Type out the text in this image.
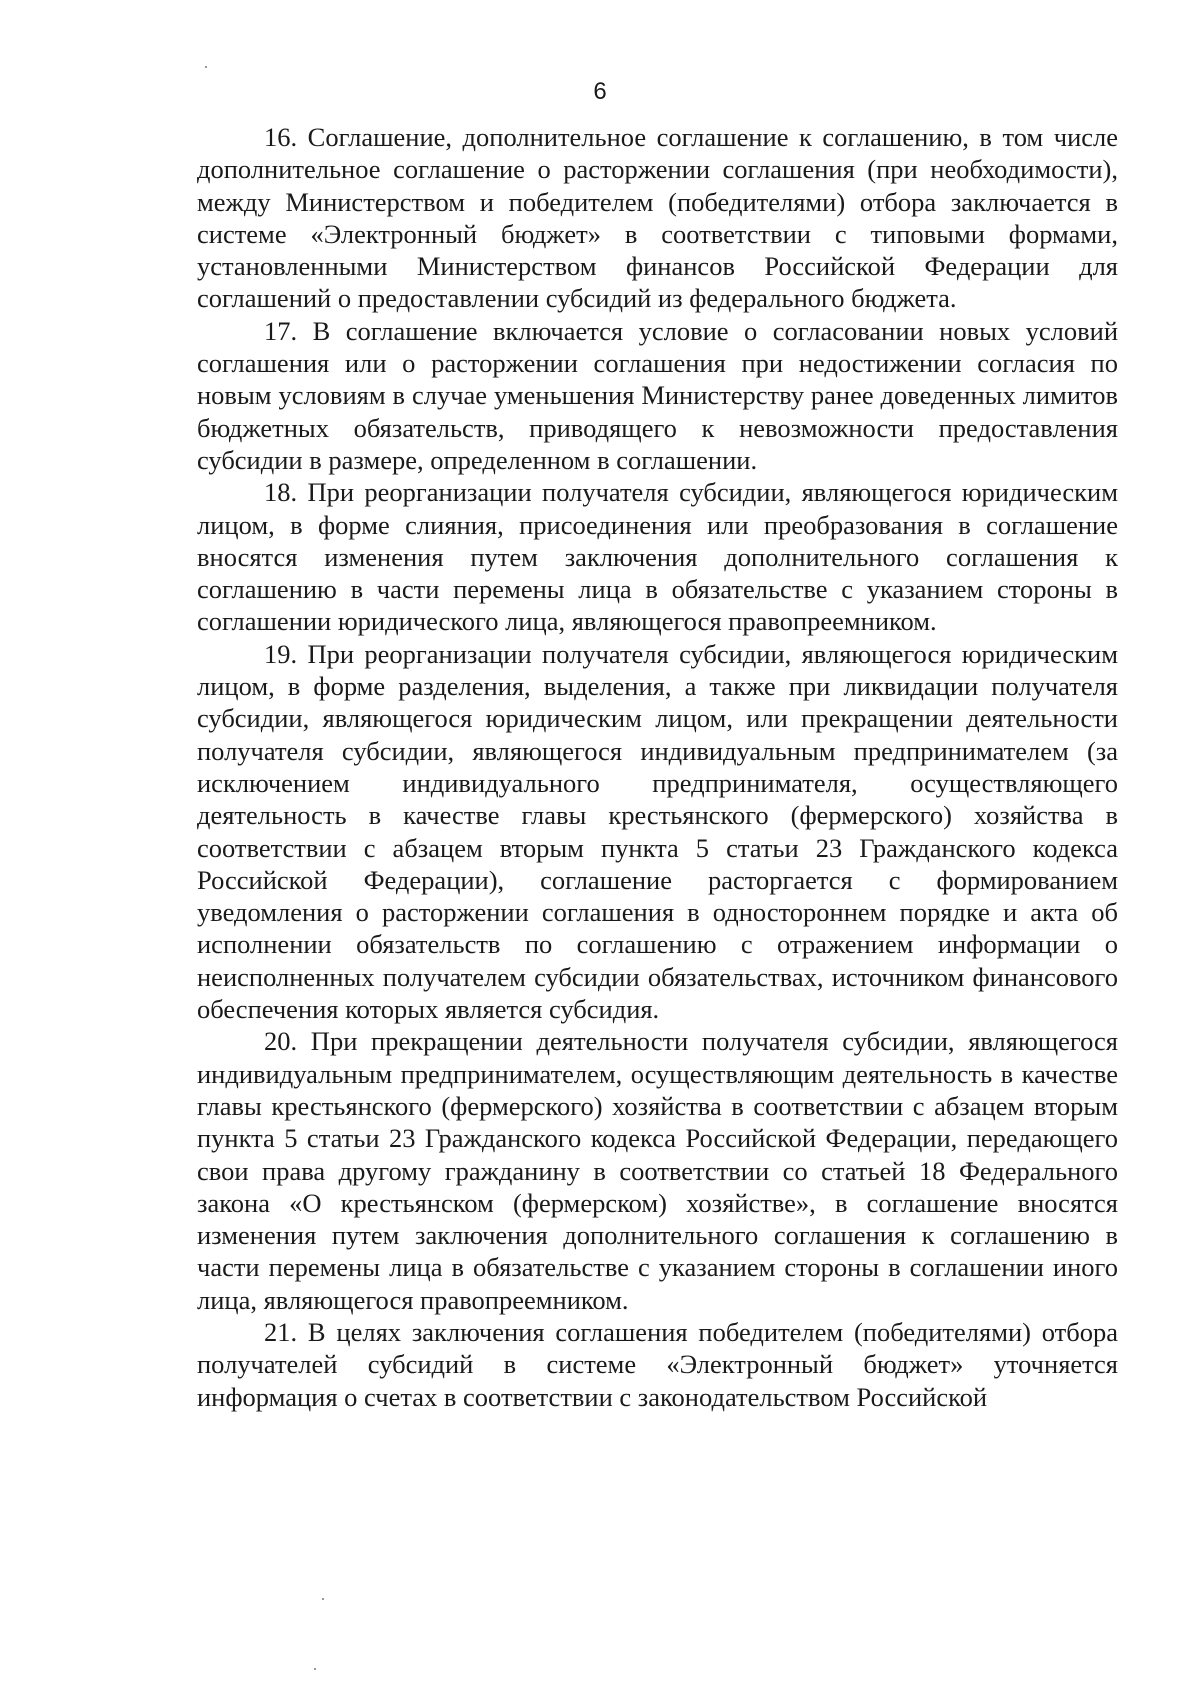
6

16. Соглашение, дополнительное соглашение к соглашению, в том числе дополнительное соглашение о расторжении соглашения (при необходимости), между Министерством и победителем (победителями) отбора заключается в системе «Электронный бюджет» в соответствии с типовыми формами, установленными Министерством финансов Российской Федерации для соглашений о предоставлении субсидий из федерального бюджета.

17. В соглашение включается условие о согласовании новых условий соглашения или о расторжении соглашения при недостижении согласия по новым условиям в случае уменьшения Министерству ранее доведенных лимитов бюджетных обязательств, приводящего к невозможности предоставления субсидии в размере, определенном в соглашении.

18. При реорганизации получателя субсидии, являющегося юридическим лицом, в форме слияния, присоединения или преобразования в соглашение вносятся изменения путем заключения дополнительного соглашения к соглашению в части перемены лица в обязательстве с указанием стороны в соглашении юридического лица, являющегося правопреемником.

19. При реорганизации получателя субсидии, являющегося юридическим лицом, в форме разделения, выделения, а также при ликвидации получателя субсидии, являющегося юридическим лицом, или прекращении деятельности получателя субсидии, являющегося индивидуальным предпринимателем (за исключением индивидуального предпринимателя, осуществляющего деятельность в качестве главы крестьянского (фермерского) хозяйства в соответствии с абзацем вторым пункта 5 статьи 23 Гражданского кодекса Российской Федерации), соглашение расторгается с формированием уведомления о расторжении соглашения в одностороннем порядке и акта об исполнении обязательств по соглашению с отражением информации о неисполненных получателем субсидии обязательствах, источником финансового обеспечения которых является субсидия.

20. При прекращении деятельности получателя субсидии, являющегося индивидуальным предпринимателем, осуществляющим деятельность в качестве главы крестьянского (фермерского) хозяйства в соответствии с абзацем вторым пункта 5 статьи 23 Гражданского кодекса Российской Федерации, передающего свои права другому гражданину в соответствии со статьей 18 Федерального закона «О крестьянском (фермерском) хозяйстве», в соглашение вносятся изменения путем заключения дополнительного соглашения к соглашению в части перемены лица в обязательстве с указанием стороны в соглашении иного лица, являющегося правопреемником.

21. В целях заключения соглашения победителем (победителями) отбора получателей субсидий в системе «Электронный бюджет» уточняется информация о счетах в соответствии с законодательством Российской
